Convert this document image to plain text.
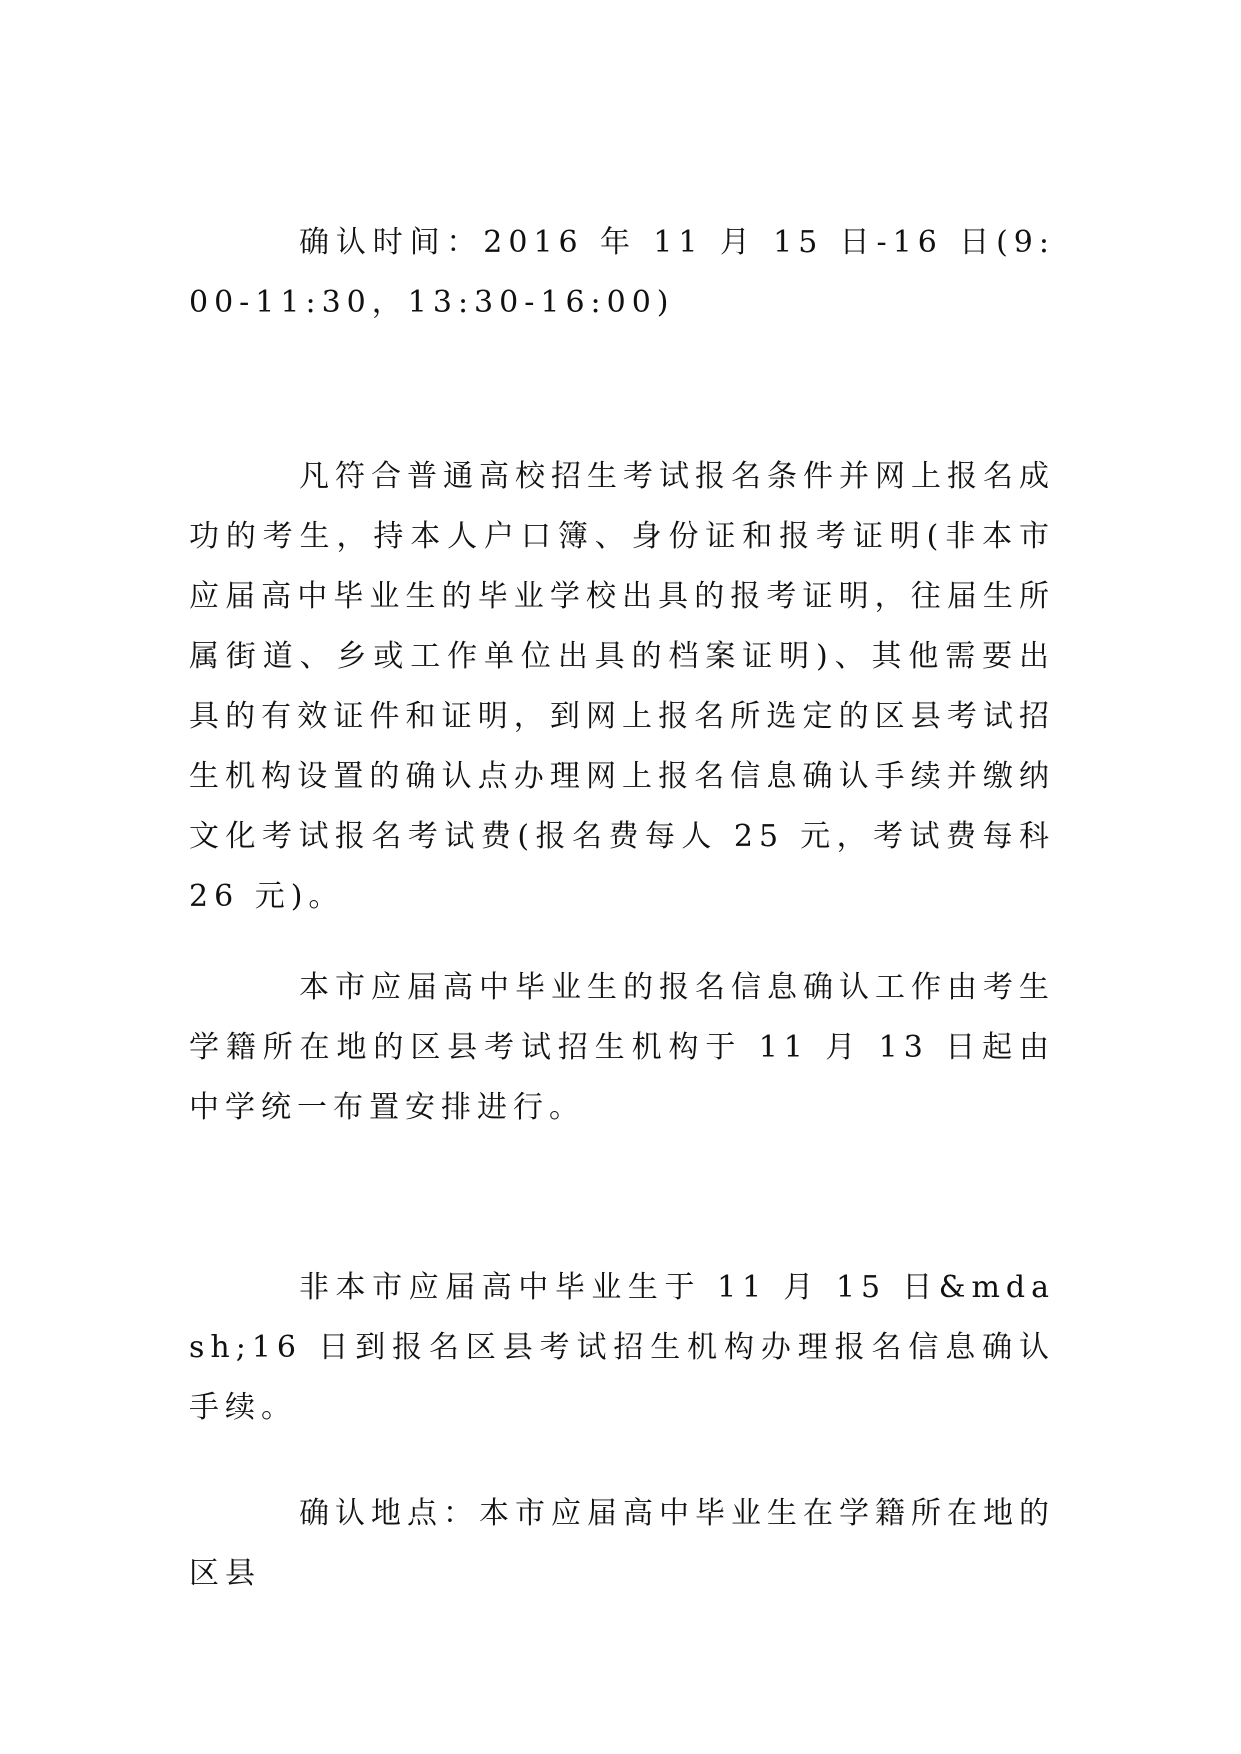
确认时间：2016 年 11 月 15 日-16 日(9:00-11:30，13:30-16:00)

凡符合普通高校招生考试报名条件并网上报名成功的考生，持本人户口簿、身份证和报考证明(非本市应届高中毕业生的毕业学校出具的报考证明，往届生所属街道、乡或工作单位出具的档案证明)、其他需要出具的有效证件和证明，到网上报名所选定的区县考试招生机构设置的确认点办理网上报名信息确认手续并缴纳文化考试报名考试费(报名费每人 25 元，考试费每科 26 元)。

本市应届高中毕业生的报名信息确认工作由考生学籍所在地的区县考试招生机构于 11 月 13 日起由中学统一布置安排进行。

非本市应届高中毕业生于 11 月 15 日&mdash;16 日到报名区县考试招生机构办理报名信息确认手续。

确认地点：本市应届高中毕业生在学籍所在地的区县
